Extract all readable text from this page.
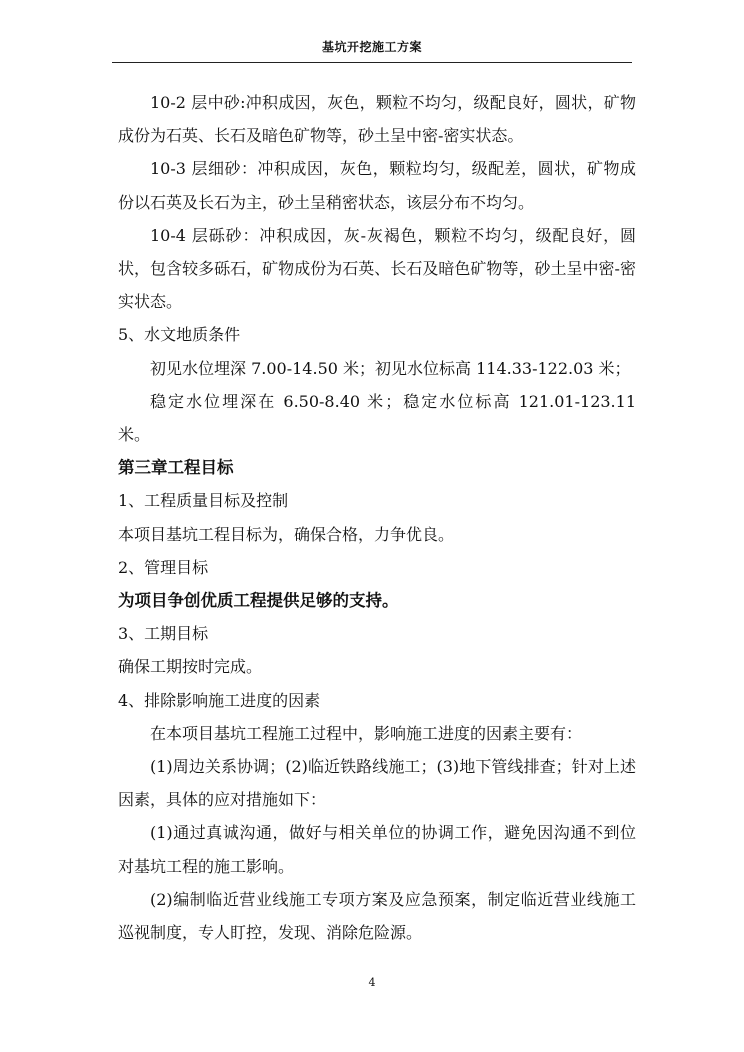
基坑开挖施工方案

10-2 层中砂:冲积成因，灰色，颗粒不均匀，级配良好，圆状，矿物成份为石英、长石及暗色矿物等，砂土呈中密-密实状态。

10-3 层细砂：冲积成因，灰色，颗粒均匀，级配差，圆状，矿物成份以石英及长石为主，砂土呈稍密状态，该层分布不均匀。

10-4 层砾砂：冲积成因，灰-灰褐色，颗粒不均匀，级配良好，圆状，包含较多砾石，矿物成份为石英、长石及暗色矿物等，砂土呈中密-密实状态。

5、水文地质条件

初见水位埋深 7.00-14.50 米；初见水位标高 114.33-122.03 米；

稳定水位埋深在 6.50-8.40 米；稳定水位标高 121.01-123.11 米。

第三章工程目标

1、工程质量目标及控制

本项目基坑工程目标为，确保合格，力争优良。

2、管理目标

为项目争创优质工程提供足够的支持。

3、工期目标

确保工期按时完成。

4、排除影响施工进度的因素

在本项目基坑工程施工过程中，影响施工进度的因素主要有：

(1)周边关系协调；(2)临近铁路线施工；(3)地下管线排查；针对上述因素，具体的应对措施如下：

(1)通过真诚沟通，做好与相关单位的协调工作，避免因沟通不到位对基坑工程的施工影响。

(2)编制临近营业线施工专项方案及应急预案，制定临近营业线施工巡视制度，专人盯控，发现、消除危险源。

4
